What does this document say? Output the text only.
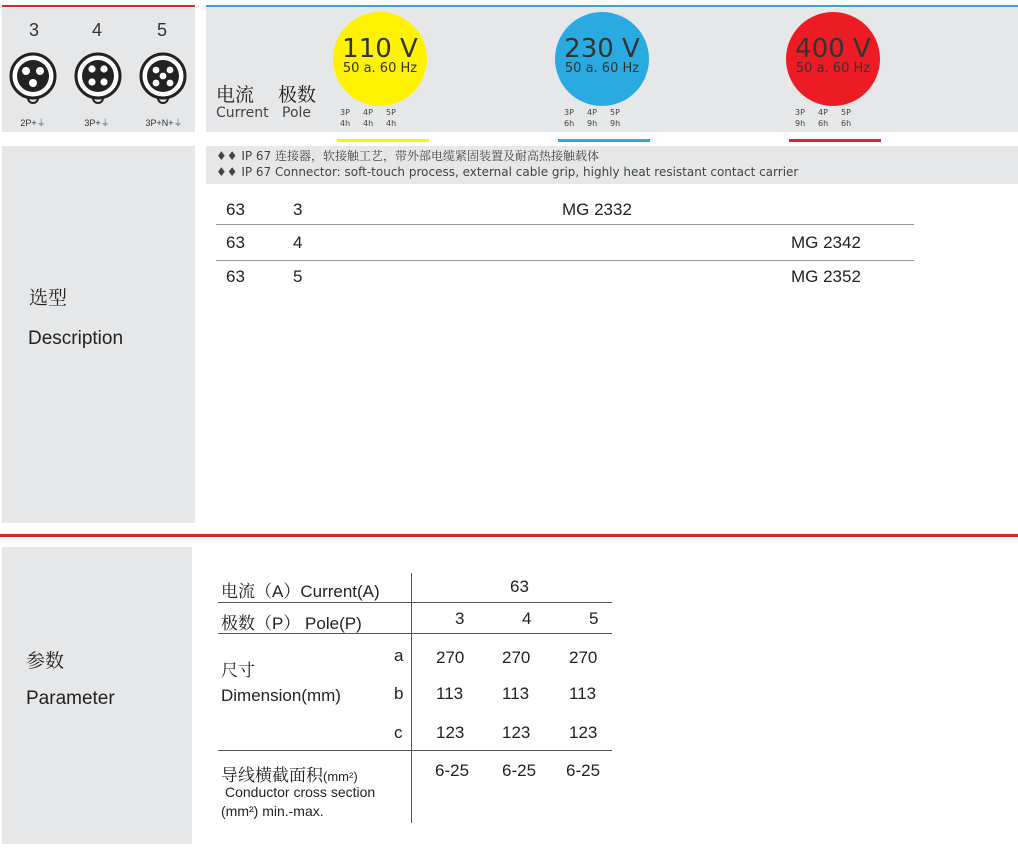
3	4	5
2P+⏚	3P+⏚	3P+N+⏚
电流 极数
Current Pole
110 V
50 a. 60 Hz
3P 4P 5P
4h 4h 4h
230 V
50 a. 60 Hz
3P 4P 5P
6h 9h 9h
400 V
50 a. 60 Hz
3P 4P 5P
9h 6h 6h
选型
Description
♦♦ IP 67 连接器，软接触工艺，带外部电缆紧固装置及耐高热接触载体
♦♦ IP 67 Connector: soft-touch process, external cable grip, highly heat resistant contact carrier
63	3	MG 2332
63	4	MG 2342
63	5	MG 2352
参数
Parameter
电流（A）Current(A)	63
极数（P） Pole(P)	3	4	5
尺寸
Dimension(mm)
a 270 270 270
b 113 113 113
c 123 123 123
导线横截面积(mm²)
Conductor cross section
(mm²) min.-max.
6-25 6-25 6-25
